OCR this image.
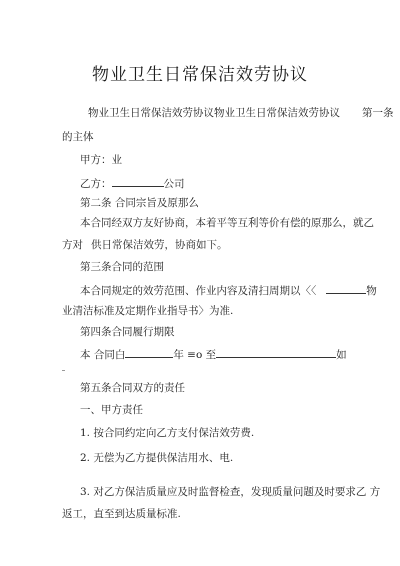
物业卫生日常保洁效劳协议
物业卫生日常保洁效劳协议物业卫生日常保洁效劳协议 第一条
的主体
甲方：业
乙方：	公司
第二条 合同宗旨及原那么
本合同经双方友好协商，本着平等互利等价有偿的原那么，就乙
方对 供日常保洁效劳，协商如下。
第三条合同的范围
本合同规定的效劳范围、作业内容及清扫周期以〈〈	物
业清洁标准及定期作业指导书〉为准.
第四条合同履行期限
本 合同白	年 ≡o 至	如
第五条合同双方的责任
一、甲方责任
1. 按合同约定向乙方支付保洁效劳费.
2. 无偿为乙方提供保洁用水、电.
3. 对乙方保洁质量应及时监督检查，发现质量问题及时要求乙 方
返工，直至到达质量标准.
